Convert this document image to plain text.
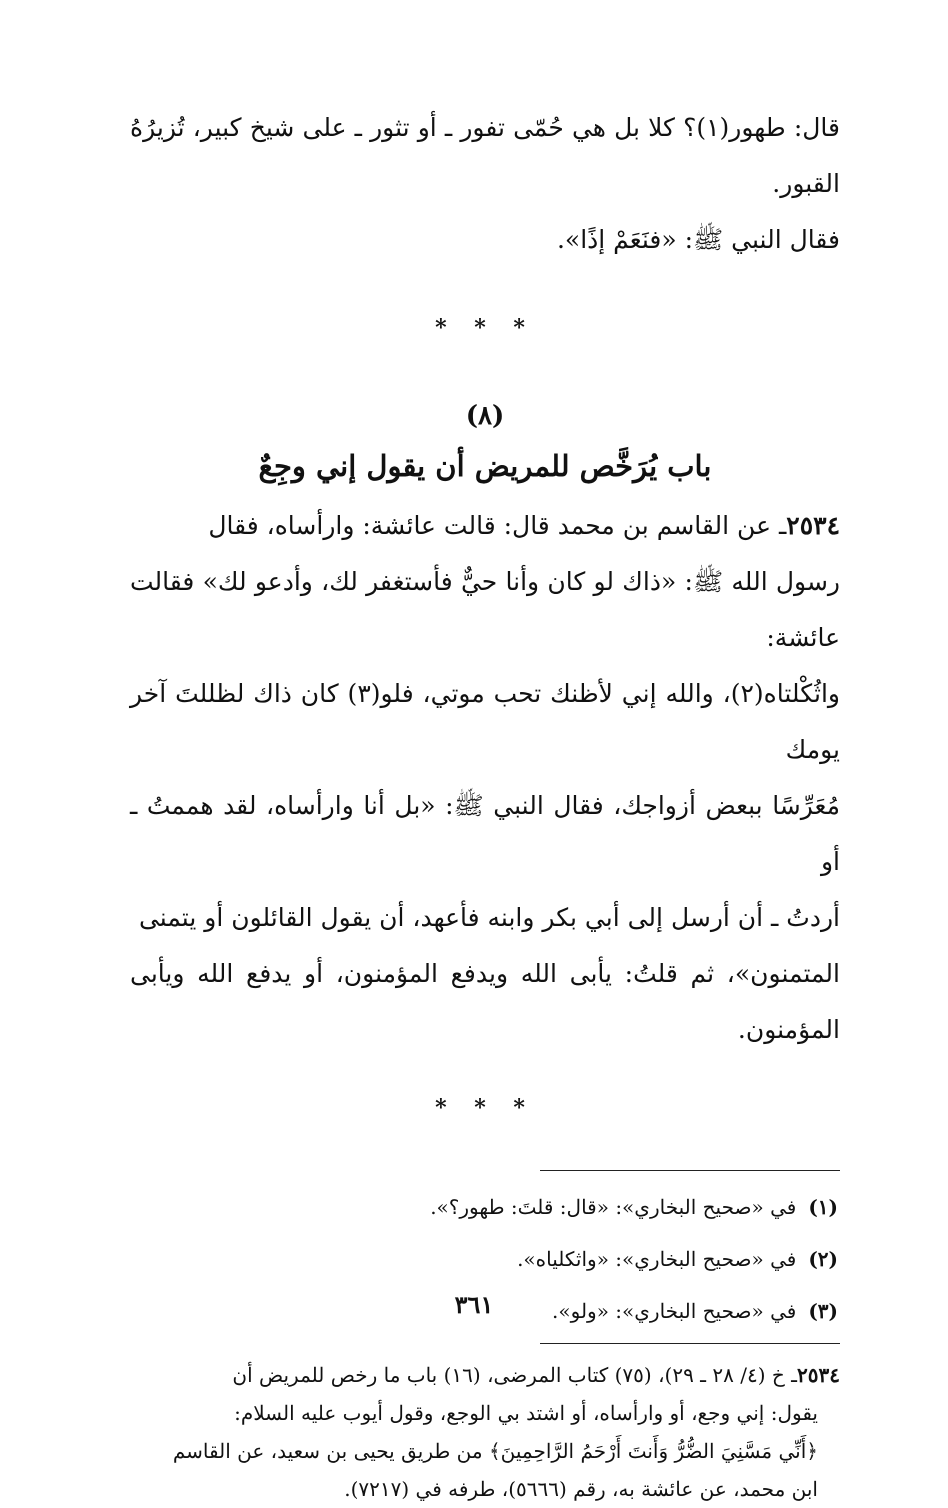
قال: طهور(١)؟ كلا بل هي حُمّى تفور ـ أو تثور ـ على شيخ كبير، تُزيرُهُ القبور.

فقال النبي ﷺ: «فنَعَمْ إذًا».

* * *
(٨)
باب يُرَخَّص للمريض أن يقول إني وجِعٌ

٢٥٣٤ـ عن القاسم بن محمد قال: قالت عائشة: وارأساه، فقال

رسول الله ﷺ: «ذاك لو كان وأنا حيٌّ فأستغفر لك، وأدعو لك» فقالت عائشة:

واثُكْلتاه(٢)، والله إني لأظنك تحب موتي، فلو(٣) كان ذاك لظللتَ آخر يومك

مُعَرِّسًا ببعض أزواجك، فقال النبي ﷺ: «بل أنا وارأساه، لقد هممتُ ـ أو

أردتُ ـ أن أرسل إلى أبي بكر وابنه فأعهد، أن يقول القائلون أو يتمنى

المتمنون»، ثم قلتُ: يأبى الله ويدفع المؤمنون، أو يدفع الله ويأبى المؤمنون.

* * *
(١)في «صحيح البخاري»: «قال: قلتَ: طهور؟».
(٢)في «صحيح البخاري»: «واثكلياه».
(٣)في «صحيح البخاري»: «ولو».

٢٥٣٤ـ خ (٤/ ٢٨ ـ ٢٩)، (٧٥) كتاب المرضى، (١٦) باب ما رخص للمريض أن

يقول: إني وجع، أو وارأساه، أو اشتد بي الوجع، وقول أيوب عليه السلام:

﴿أَنِّي مَسَّنِيَ الضُّرُّ وَأَنتَ أَرْحَمُ الرَّاحِمِينَ﴾ من طريق يحيى بن سعيد، عن القاسم

ابن محمد، عن عائشة به، رقم (٥٦٦٦)، طرفه في (٧٢١٧).

٣٦١
